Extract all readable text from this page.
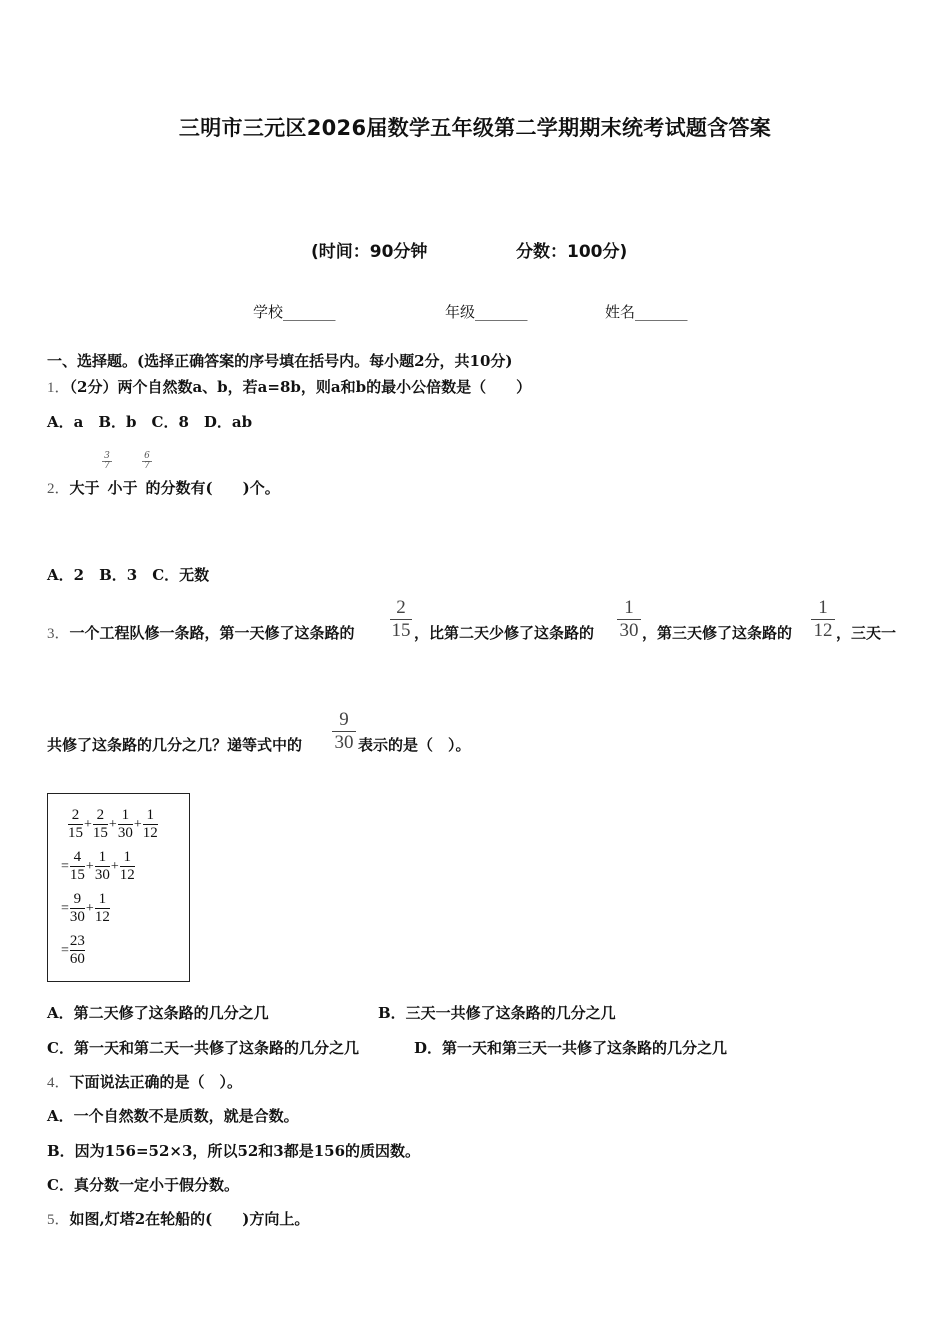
三明市三元区2026届数学五年级第二学期期末统考试题含答案
(时间：90分钟	分数：100分)
学校_______	年级_______	姓名_______
一、选择题。(选择正确答案的序号填在括号内。每小题2分，共10分)
1．（2分）两个自然数a、b，若a=8b，则a和b的最小公倍数是（　　）
A．a　B．b　C．8　D．ab
3
7
6
7
2．大于 小于 的分数有(　　)个。
A．2　B．3　C．无数
3．一个工程队修一条路，第一天修了这条路的
2
15 ，比第二天少修了这条路的
1
30 ，第三天修了这条路的
1
12 ，三天一
共修了这条路的几分之几？递等式中的
9
30 表示的是（　）。
$\frac{2}{15}+\frac{2}{15}+\frac{1}{30}+\frac{1}{12}$
$=\frac{4}{15}+\frac{1}{30}+\frac{1}{12}$
$=\frac{9}{30}+\frac{1}{12}$
$=\frac{23}{60}$
A．第二天修了这条路的几分之几	B．三天一共修了这条路的几分之几
C．第一天和第二天一共修了这条路的几分之几	D．第一天和第三天一共修了这条路的几分之几
4．下面说法正确的是（　）。
A．一个自然数不是质数，就是合数。
B．因为156=52×3，所以52和3都是156的质因数。
C．真分数一定小于假分数。
5．如图,灯塔2在轮船的(　　)方向上。
